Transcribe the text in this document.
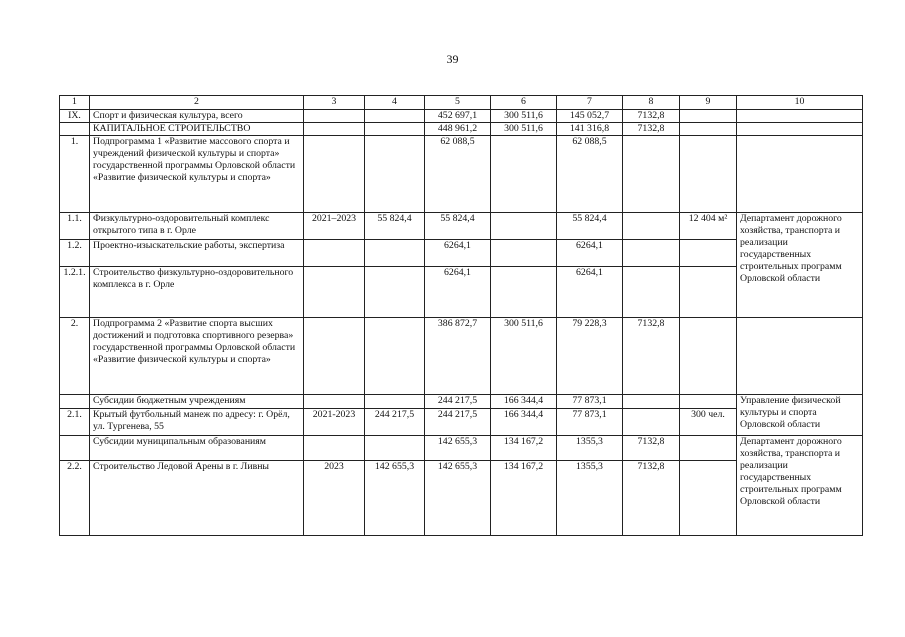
39
1	2	3	4	5	6	7	8	9	10
IX.	Спорт и физическая культура, всего			452 697,1	300 511,6	145 052,7	7132,8		
	КАПИТАЛЬНОЕ СТРОИТЕЛЬСТВО			448 961,2	300 511,6	141 316,8	7132,8		
1.	Подпрограмма 1 «Развитие массового спорта и учреждений физической культуры и спорта» государственной программы Орловской области «Развитие физической культуры и спорта»			62 088,5		62 088,5			
1.1.	Физкультурно-оздоровительный комплекс открытого типа в г. Орле	2021–2023	55 824,4	55 824,4		55 824,4		12 404 м²	Департамент дорожного хозяйства, транспорта и реализации государственных строительных программ Орловской области
1.2.	Проектно-изыскательские работы, экспертиза			6264,1		6264,1			
1.2.1.	Строительство физкультурно-оздоровительного комплекса в г. Орле			6264,1		6264,1			
2.	Подпрограмма 2 «Развитие спорта высших достижений и подготовка спортивного резерва» государственной программы Орловской области «Развитие физической культуры и спорта»			386 872,7	300 511,6	79 228,3	7132,8		
	Субсидии бюджетным учреждениям			244 217,5	166 344,4	77 873,1			Управление физической культуры и спорта Орловской области
2.1.	Крытый футбольный манеж по адресу: г. Орёл, ул. Тургенева, 55	2021-2023	244 217,5	244 217,5	166 344,4	77 873,1		300 чел.	
	Субсидии муниципальным образованиям			142 655,3	134 167,2	1355,3	7132,8		Департамент дорожного хозяйства, транспорта и реализации государственных строительных программ Орловской области
2.2.	Строительство Ледовой Арены в г. Ливны	2023	142 655,3	142 655,3	134 167,2	1355,3	7132,8		
